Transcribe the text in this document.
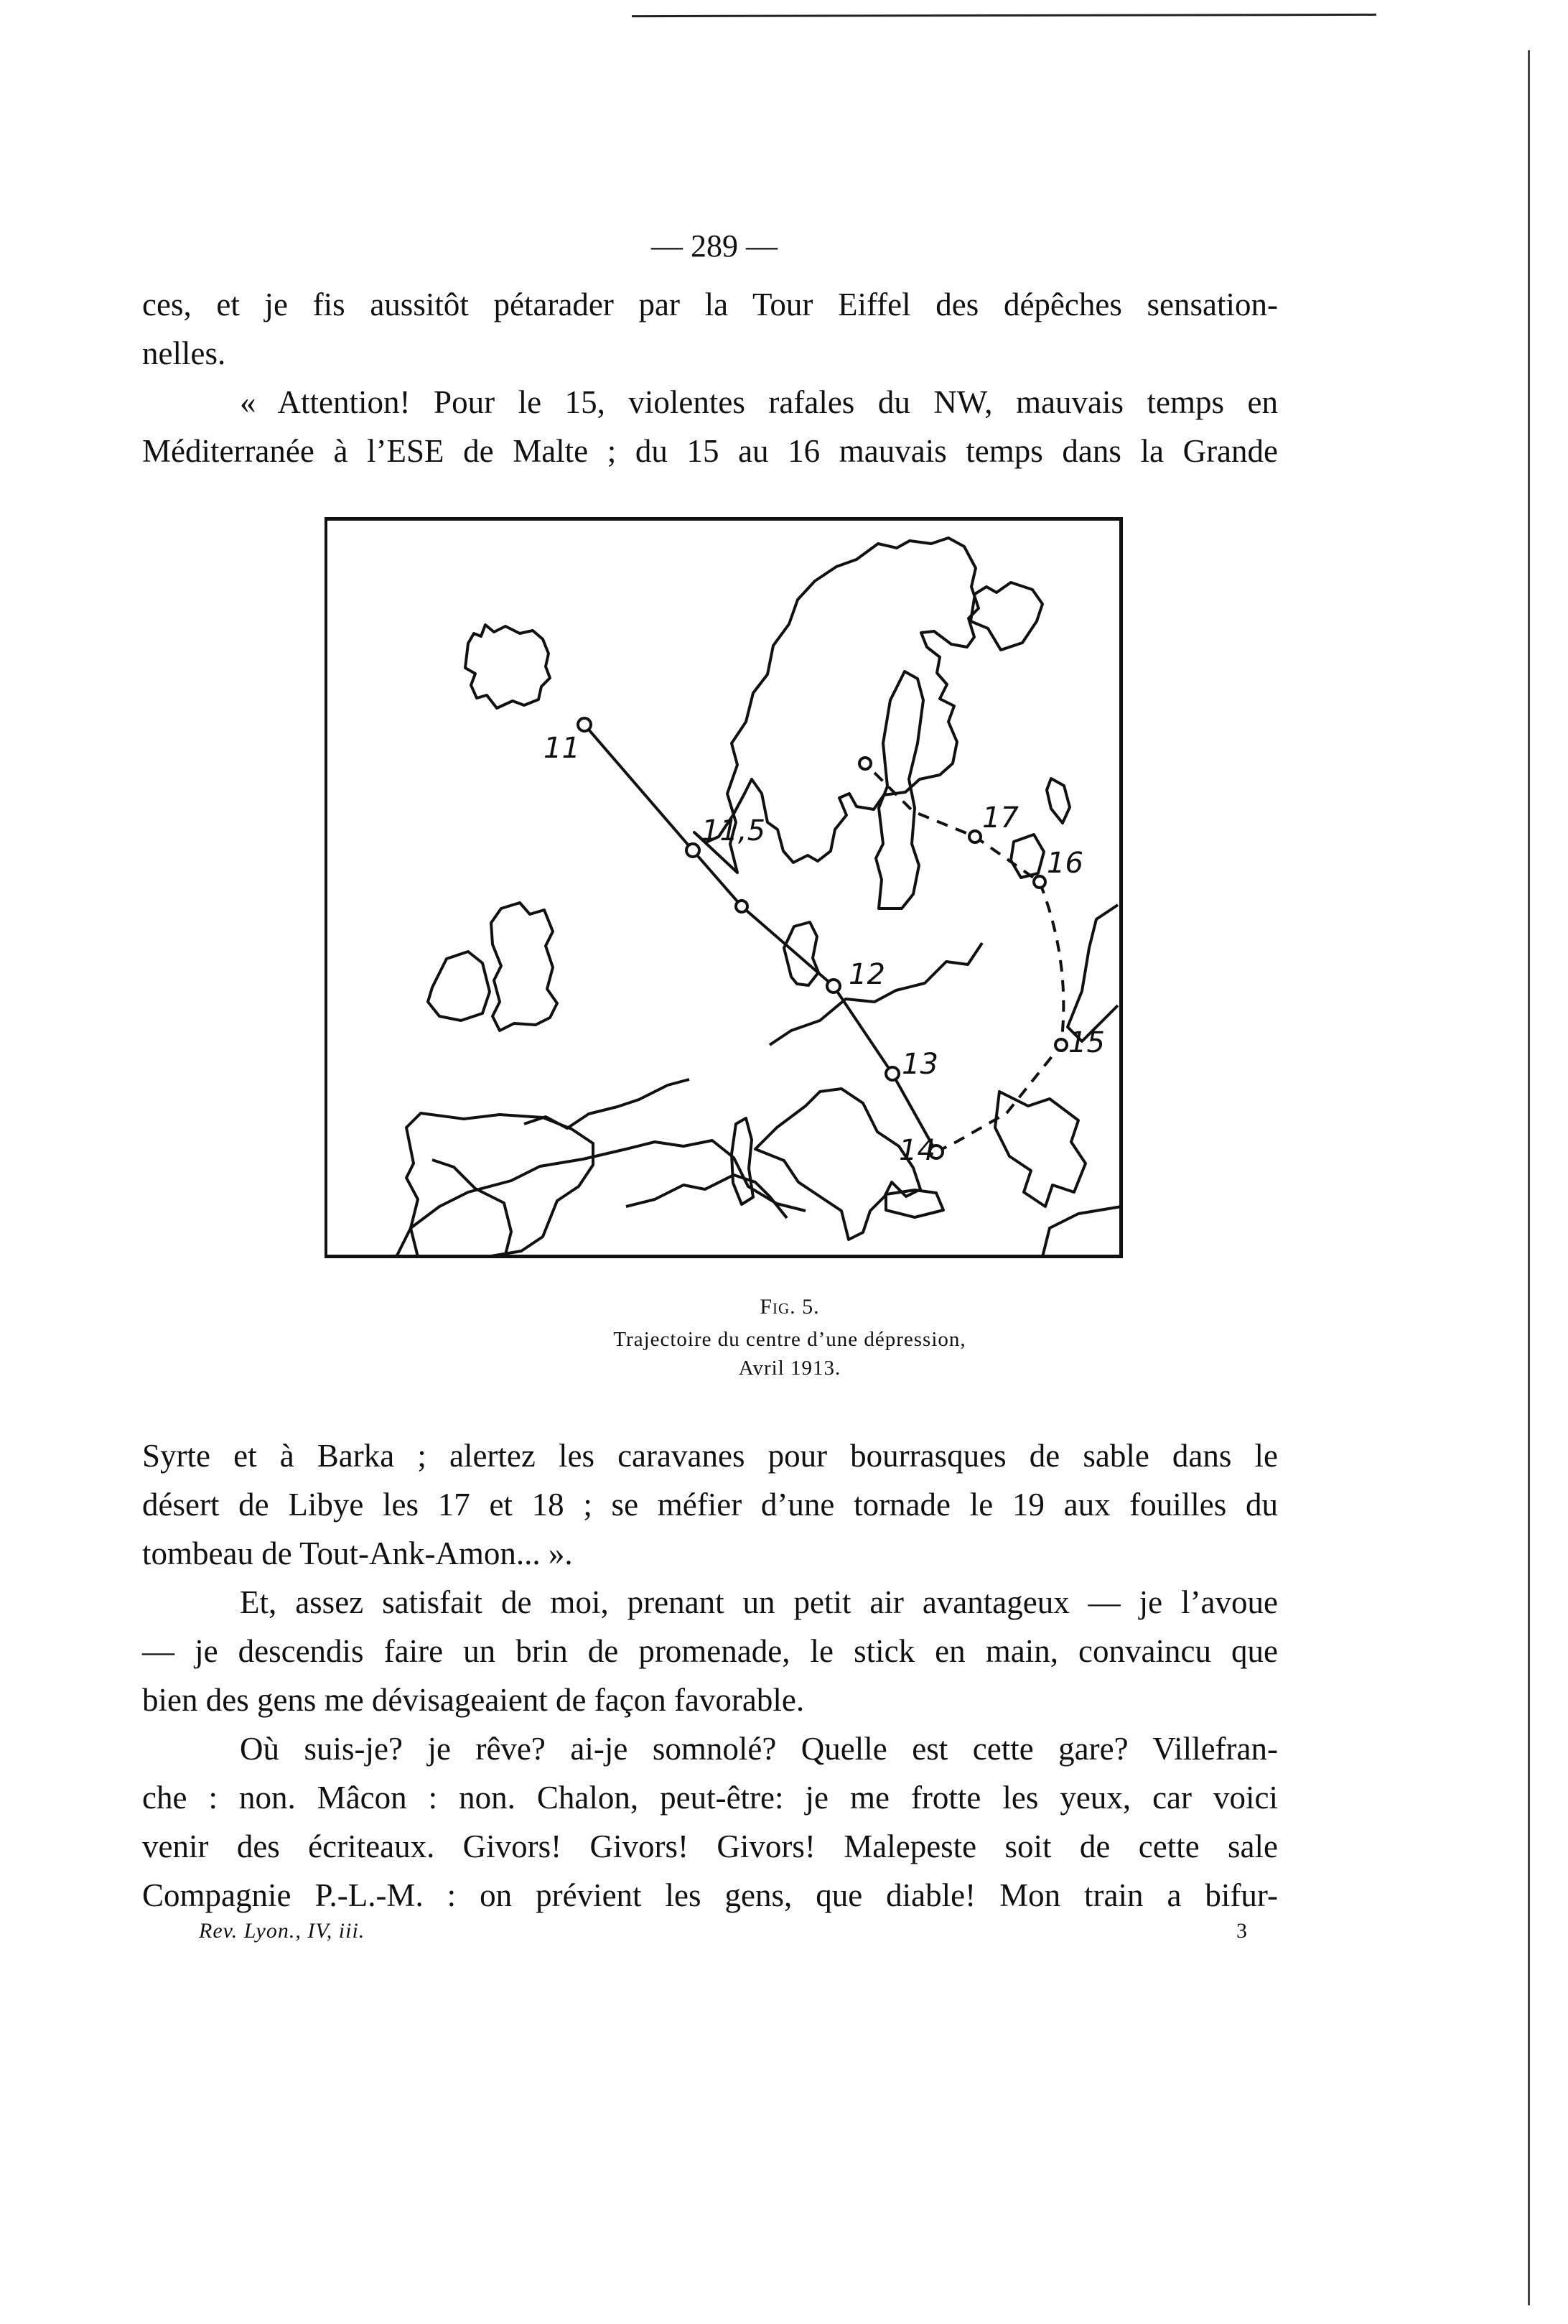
— 289 —
ces, et je fis aussitôt pétarader par la Tour Eiffel des dépêches sensation-
nelles.
« Attention! Pour le 15, violentes rafales du NW, mauvais temps en
Méditerranée à l’ESE de Malte ; du 15 au 16 mauvais temps dans la Grande
11
11,5
12
13
14
15
16
17
Fig. 5.
Trajectoire du centre d’une dépression,
Avril 1913.
Syrte et à Barka ; alertez les caravanes pour bourrasques de sable dans le
désert de Libye les 17 et 18 ; se méfier d’une tornade le 19 aux fouilles du
tombeau de Tout-Ank-Amon... ».
Et, assez satisfait de moi, prenant un petit air avantageux — je l’avoue
— je descendis faire un brin de promenade, le stick en main, convaincu que
bien des gens me dévisageaient de façon favorable.
Où suis-je? je rêve? ai-je somnolé? Quelle est cette gare? Villefran-
che : non. Mâcon : non. Chalon, peut-être: je me frotte les yeux, car voici
venir des écriteaux. Givors! Givors! Givors! Malepeste soit de cette sale
Compagnie P.-L.-M. : on prévient les gens, que diable! Mon train a bifur-
Rev. Lyon., IV, iii.	3
